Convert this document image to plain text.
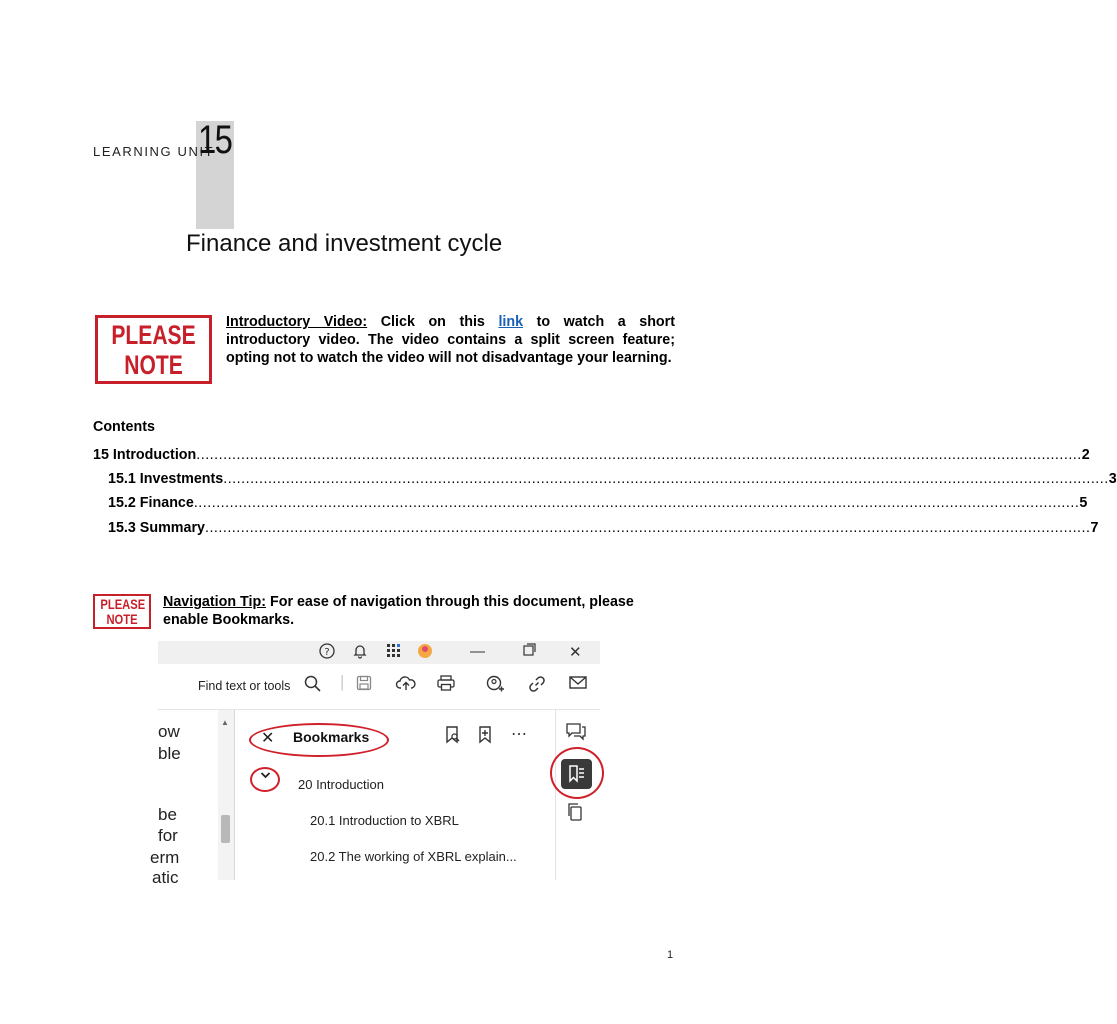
LEARNING UNIT
15
Finance and investment cycle
PLEASE
NOTE
Introductory Video: Click on this link to watch a short introductory video. The video contains a split screen feature; opting not to watch the video will not disadvantage your learning.
Contents
15 Introduction .....	2
15.1 Investments .....	3
15.2 Finance .....	5
15.3 Summary .....	7
PLEASE
NOTE
Navigation Tip: For ease of navigation through this document, please enable Bookmarks.
?	—	✕
Find text or tools	|
ow
ble
be
for
erm
atic
▲
✕ Bookmarks	⋯
20 Introduction
20.1 Introduction to XBRL
20.2 The working of XBRL explain...
1
